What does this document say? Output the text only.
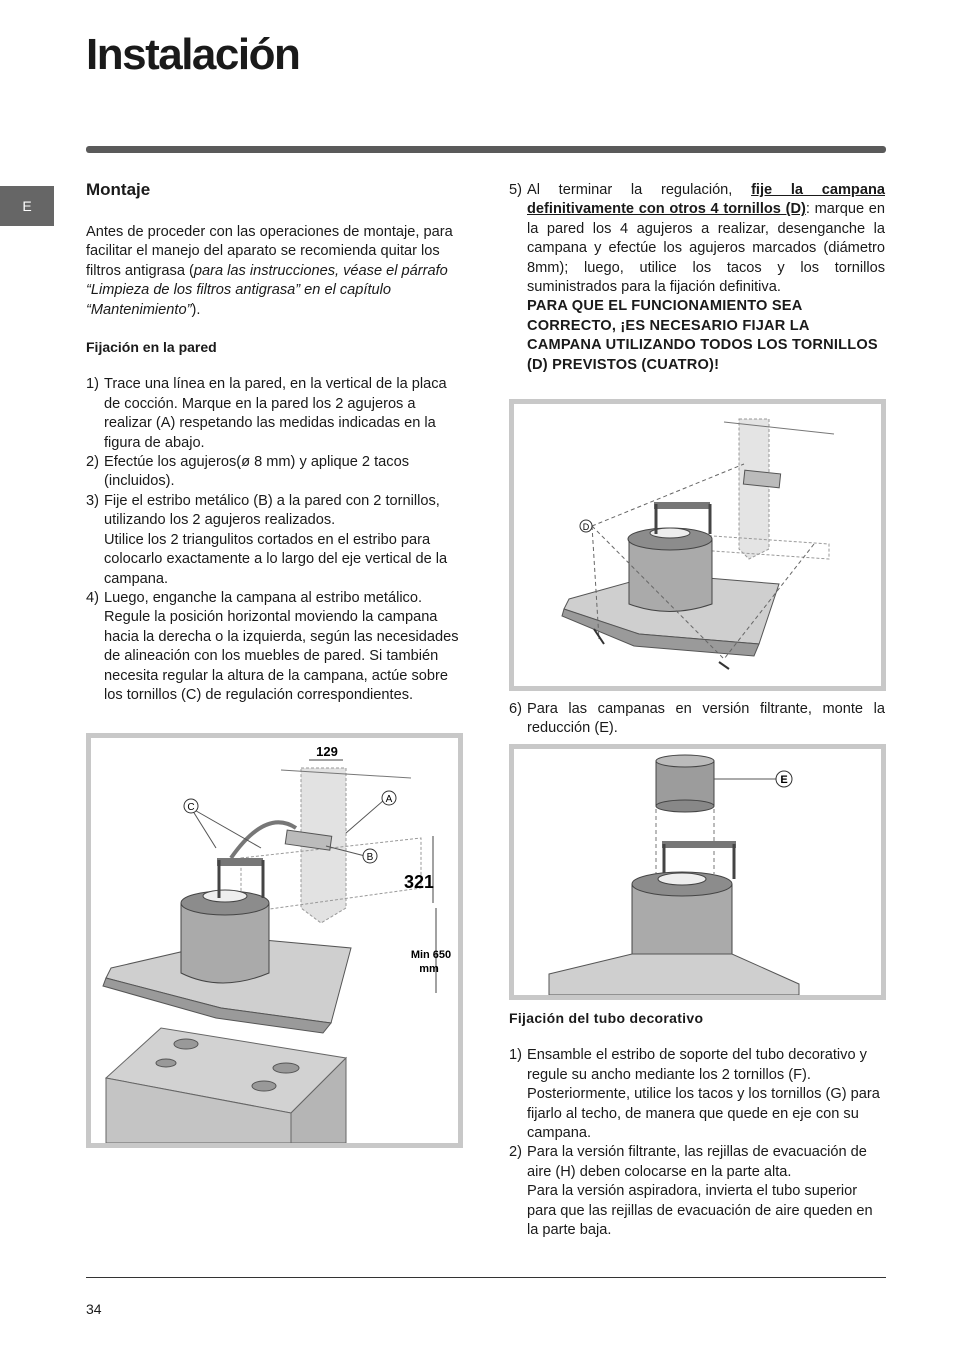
Instalación
E
Montaje

Antes de proceder con las operaciones de montaje, para facilitar el manejo del aparato se recomienda quitar los filtros antigrasa (para las instrucciones, véase el párrafo “Limpieza de los filtros antigrasa” en el capítulo “Mantenimiento”).

Fijación en la pared

1) Trace una línea en la pared, en la vertical de la placa de cocción. Marque en la pared los 2 agujeros a realizar (A) respetando las medidas indicadas en la figura de abajo.
2) Efectúe los agujeros(ø 8 mm) y aplique 2 tacos (incluidos).
3) Fije el estribo metálico (B) a la pared con 2 tornillos, utilizando los 2 agujeros realizados.
Utilice los 2 triangulitos cortados en el estribo para colocarlo exactamente a lo largo del eje vertical de la campana.
4) Luego, enganche la campana al estribo metálico. Regule la posición horizontal moviendo la campana hacia la derecha o la izquierda, según las necesidades de alineación con los muebles de pared. Si también necesita regular la altura de la campana, actúe sobre los tornillos (C) de regulación correspondientes.
C
A
B
129
321
Min 650
mm
5) Al terminar la regulación, fije la campana definitivamente con otros 4 tornillos (D): marque en la pared los 4 agujeros a realizar, desenganche la campana y efectúe los agujeros marcados (diámetro 8mm); luego, utilice los tacos y los tornillos suministrados para la fijación definitiva.

PARA QUE EL FUNCIONAMIENTO SEA CORRECTO, ¡ES NECESARIO FIJAR LA CAMPANA UTILIZANDO TODOS LOS TORNILLOS (D) PREVISTOS (CUATRO)!

D
6) Para las campanas en versión filtrante, monte la reducción (E).
E

Fijación del tubo decorativo

1) Ensamble el estribo de soporte del tubo decorativo y regule su ancho mediante los 2 tornillos (F). Posteriormente, utilice los tacos y los tornillos (G) para fijarlo al techo, de manera que quede en eje con su campana.
2) Para la versión filtrante, las rejillas de evacuación de aire (H) deben colocarse en la parte alta.
Para la versión aspiradora, invierta el tubo superior para que las rejillas de evacuación de aire queden en la parte baja.
34
